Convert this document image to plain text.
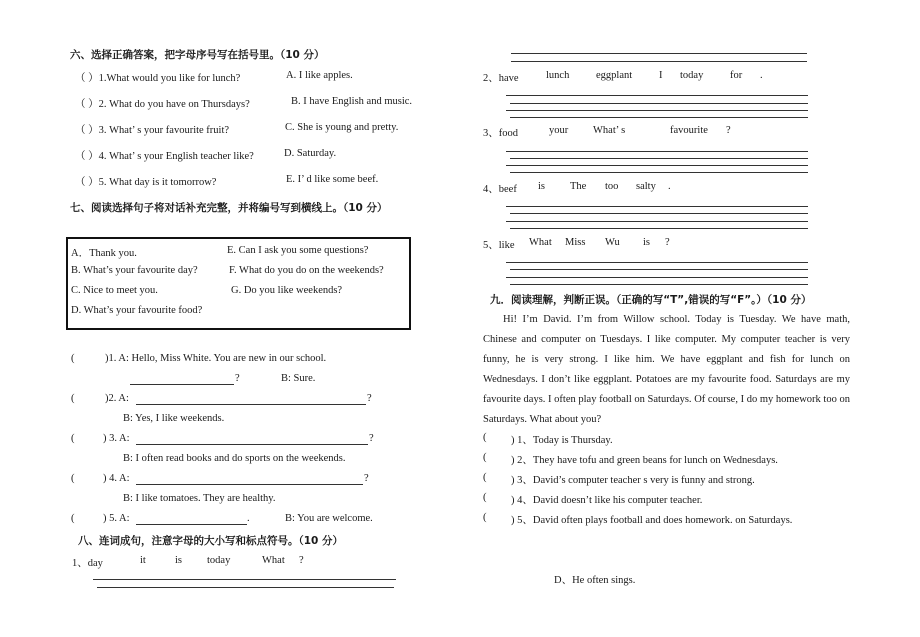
六、选择正确答案，把字母序号写在括号里。（10 分）
（ ）1.What would you like for lunch?	A. I like apples.
（ ）2. What do you have on Thursdays?	B. I have English and music.
（ ）3. What’ s your favourite fruit?	C. She is young and pretty.
（ ）4. What’ s your English teacher like?	D. Saturday.
（ ）5. What day is it tomorrow?	E. I’ d like some beef.
七、阅读选择句子将对话补充完整，并将编号写到横线上。（10 分）
A．Thank you.	E. Can I ask you some questions?
B. What’s your favourite day?	F. What do you do on the weekends?
C. Nice to meet you.	G. Do you like weekends?
D. What’s your favourite food?
(	)1. A: Hello, Miss White. You are new in our school.
?	B: Sure.
(	)2. A:	?
B: Yes, I like weekends.
(	) 3. A:	?
B: I often read books and do sports on the weekends.
(	) 4. A:	?
B: I like tomatoes. They are healthy.
(	) 5. A:	.	B: You are welcome.
八、连词成句，注意字母的大小写和标点符号。（10 分）
1、day	it	is today	What ?
2、have	lunch	eggplant	I today	for .
3、food	your What’ s	favourite ?
4、beef is The too salty .
5、like What Miss Wu is ?
九．阅读理解，判断正误。（正确的写“T”,错误的写“F”。）（10 分）
Hi! I’m David. I’m from Willow school. Today is Tuesday. We have math, Chinese and computer on Tuesdays. I like computer. My computer teacher is very funny, he is very strong. I like him. We have eggplant and fish for lunch on Wednesdays. I don’t like eggplant. Potatoes are my favourite food. Saturdays are my favourite days. I often play football on Saturdays. Of course, I do my homework too on Saturdays. What about you?
( ) 1、Today is Thursday.
( ) 2、They have tofu and green beans for lunch on Wednesdays.
( ) 3、David’s computer teacher s very is funny and strong.
( ) 4、David doesn’t like his computer teacher.
( ) 5、David often plays football and does homework. on Saturdays.
D、He often sings.
